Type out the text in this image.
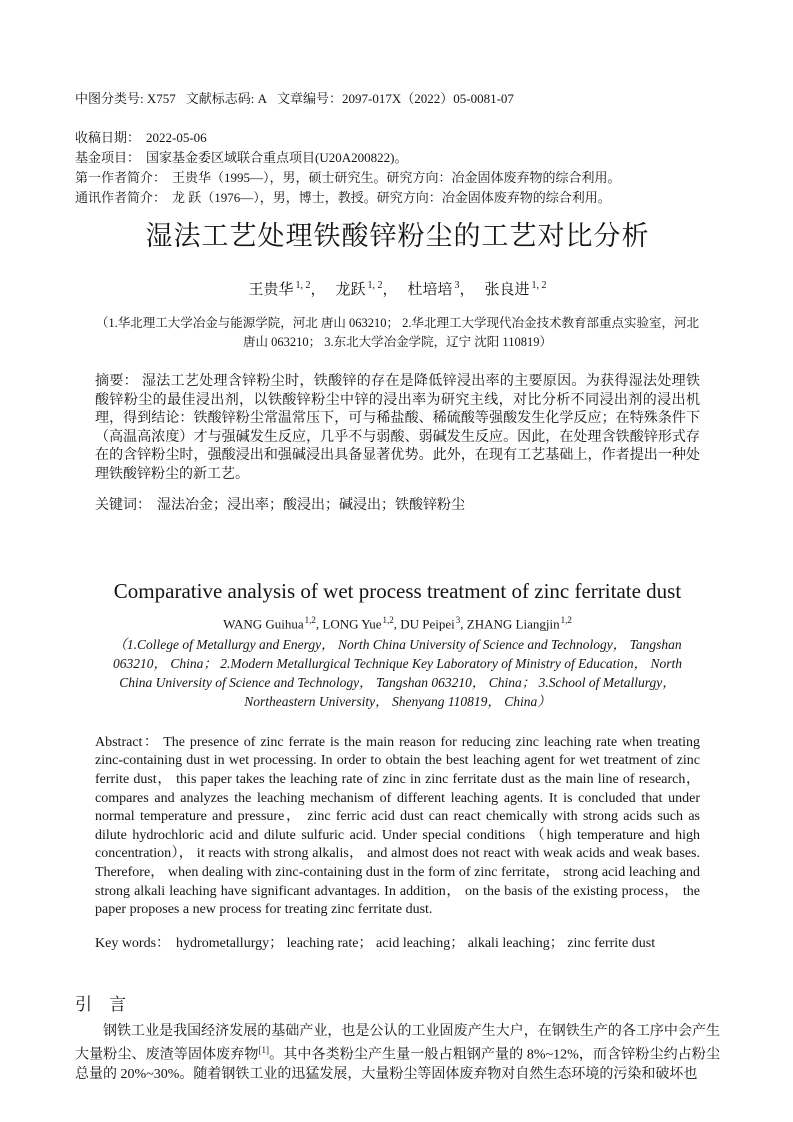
中图分类号: X757 文献标志码: A 文章编号：2097-017X（2022）05-0081-07
收稿日期： 2022-05-06
基金项目： 国家基金委区域联合重点项目(U20A200822)。
第一作者简介： 王贵华（1995—），男，硕士研究生。研究方向：冶金固体废弃物的综合利用。
通讯作者简介： 龙 跃（1976—），男，博士，教授。研究方向：冶金固体废弃物的综合利用。
湿法工艺处理铁酸锌粉尘的工艺对比分析
王贵华 $^{1, 2}$， 龙跃 $^{1, 2}$， 杜培培 $^3$， 张良进 $^{1, 2}$
（1.华北理工大学冶金与能源学院，河北 唐山 063210； 2.华北理工大学现代冶金技术教育部重点实验室，河北 唐山 063210； 3.东北大学冶金学院，辽宁 沈阳 110819）

摘要： 湿法工艺处理含锌粉尘时，铁酸锌的存在是降低锌浸出率的主要原因。为获得湿法处理铁酸锌粉尘的最佳浸出剂，以铁酸锌粉尘中锌的浸出率为研究主线，对比分析不同浸出剂的浸出机理，得到结论：铁酸锌粉尘常温常压下，可与稀盐酸、稀硫酸等强酸发生化学反应；在特殊条件下（高温高浓度）才与强碱发生反应，几乎不与弱酸、弱碱发生反应。因此，在处理含铁酸锌形式存在的含锌粉尘时，强酸浸出和强碱浸出具备显著优势。此外，在现有工艺基础上，作者提出一种处理铁酸锌粉尘的新工艺。

关键词： 湿法冶金；浸出率；酸浸出；碱浸出；铁酸锌粉尘

Comparative analysis of wet process treatment of zinc ferritate dust
WANG Guihua$^{1,2}$, LONG Yue$^{1,2}$, DU Peipei$^3$, ZHANG Liangjin$^{1,2}$
（1.College of Metallurgy and Energy， North China University of Science and Technology， Tangshan 063210， China； 2.Modern Metallurgical Technique Key Laboratory of Ministry of Education， North China University of Science and Technology， Tangshan 063210， China； 3.School of Metallurgy， Northeastern University， Shenyang 110819， China）

Abstract： The presence of zinc ferrate is the main reason for reducing zinc leaching rate when treating zinc-containing dust in wet processing. In order to obtain the best leaching agent for wet treatment of zinc ferrite dust， this paper takes the leaching rate of zinc in zinc ferritate dust as the main line of research， compares and analyzes the leaching mechanism of different leaching agents. It is concluded that under normal temperature and pressure， zinc ferric acid dust can react chemically with strong acids such as dilute hydrochloric acid and dilute sulfuric acid. Under special conditions （high temperature and high concentration）， it reacts with strong alkalis， and almost does not react with weak acids and weak bases. Therefore， when dealing with zinc-containing dust in the form of zinc ferritate， strong acid leaching and strong alkali leaching have significant advantages. In addition， on the basis of the existing process， the paper proposes a new process for treating zinc ferritate dust.

Key words： hydrometallurgy； leaching rate； acid leaching； alkali leaching； zinc ferrite dust

引　言

钢铁工业是我国经济发展的基础产业，也是公认的工业固废产生大户，在钢铁生产的各工序中会产生大量粉尘、废渣等固体废弃物[1]。其中各类粉尘产生量一般占粗钢产量的 8%~12%，而含锌粉尘约占粉尘总量的 20%~30%。随着钢铁工业的迅猛发展，大量粉尘等固体废弃物对自然生态环境的污染和破坏也
